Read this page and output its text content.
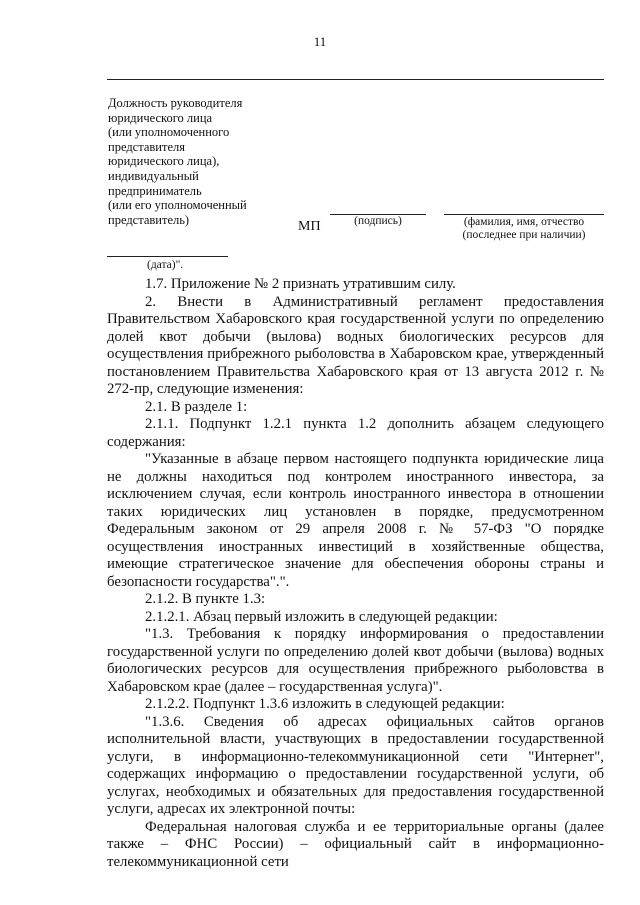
11
Должность руководителя
юридического лица
(или уполномоченного
представителя
юридического лица),
индивидуальный
предприниматель
(или его уполномоченный
представитель)	МП	(подпись)	(фамилия, имя, отчество
(последнее при наличии)
(дата)".

1.7. Приложение № 2 признать утратившим силу.

2. Внести в Административный регламент предоставления Правительством Хабаровского края государственной услуги по определению долей квот добычи (вылова) водных биологических ресурсов для осуществления прибрежного рыболовства в Хабаровском крае, утвержденный постановлением Правительства Хабаровского края от 13 августа 2012 г. № 272-пр, следующие изменения:

2.1. В разделе 1:

2.1.1. Подпункт 1.2.1 пункта 1.2 дополнить абзацем следующего содержания:

"Указанные в абзаце первом настоящего подпункта юридические лица не должны находиться под контролем иностранного инвестора, за исключением случая, если контроль иностранного инвестора в отношении таких юридических лиц установлен в порядке, предусмотренном Федеральным законом от 29 апреля 2008 г. № 57-ФЗ "О порядке осуществления иностранных инвестиций в хозяйственные общества, имеющие стратегическое значение для обеспечения обороны страны и безопасности государства".".

2.1.2. В пункте 1.3:

2.1.2.1. Абзац первый изложить в следующей редакции:

"1.3. Требования к порядку информирования о предоставлении государственной услуги по определению долей квот добычи (вылова) водных биологических ресурсов для осуществления прибрежного рыболовства в Хабаровском крае (далее – государственная услуга)".

2.1.2.2. Подпункт 1.3.6 изложить в следующей редакции:

"1.3.6. Сведения об адресах официальных сайтов органов исполнительной власти, участвующих в предоставлении государственной услуги, в информационно-телекоммуникационной сети "Интернет", содержащих информацию о предоставлении государственной услуги, об услугах, необходимых и обязательных для предоставления государственной услуги, адресах их электронной почты:

Федеральная налоговая служба и ее территориальные органы (далее также – ФНС России) – официальный сайт в информационно-телекоммуникационной сети
